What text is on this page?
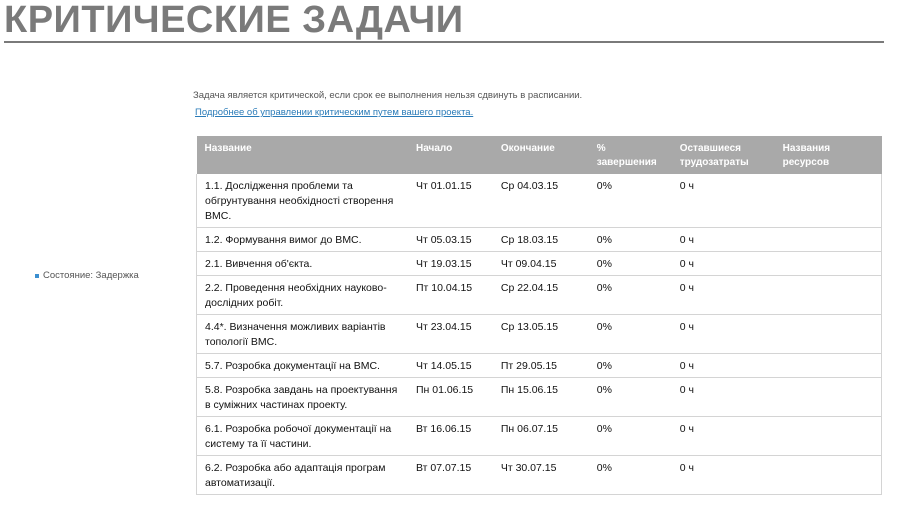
КРИТИЧЕСКИЕ ЗАДАЧИ
Задача является критической, если срок ее выполнения нельзя сдвинуть в расписании.
Подробнее об управлении критическим путем вашего проекта.
Состояние: Задержка
Название	Начало	Окончание	% завершения	Оставшиеся трудозатраты	Названия ресурсов
1.1. Дослідження проблеми та обгрунтування необхідності створення ВМС.	Чт 01.01.15	Ср 04.03.15	0%	0 ч	
1.2. Формування вимог до ВМС.	Чт 05.03.15	Ср 18.03.15	0%	0 ч	
2.1. Вивчення об'єкта.	Чт 19.03.15	Чт 09.04.15	0%	0 ч	
2.2. Проведення необхідних науково-дослідних робіт.	Пт 10.04.15	Ср 22.04.15	0%	0 ч	
4.4*. Визначення можливих варіантів топології ВМС.	Чт 23.04.15	Ср 13.05.15	0%	0 ч	
5.7. Розробка документації на ВМС.	Чт 14.05.15	Пт 29.05.15	0%	0 ч	
5.8. Розробка завдань на проектування в суміжних частинах проекту.	Пн 01.06.15	Пн 15.06.15	0%	0 ч	
6.1. Розробка робочої документації на систему та її частини.	Вт 16.06.15	Пн 06.07.15	0%	0 ч	
6.2. Розробка або адаптація програм автоматизації.	Вт 07.07.15	Чт 30.07.15	0%	0 ч	
